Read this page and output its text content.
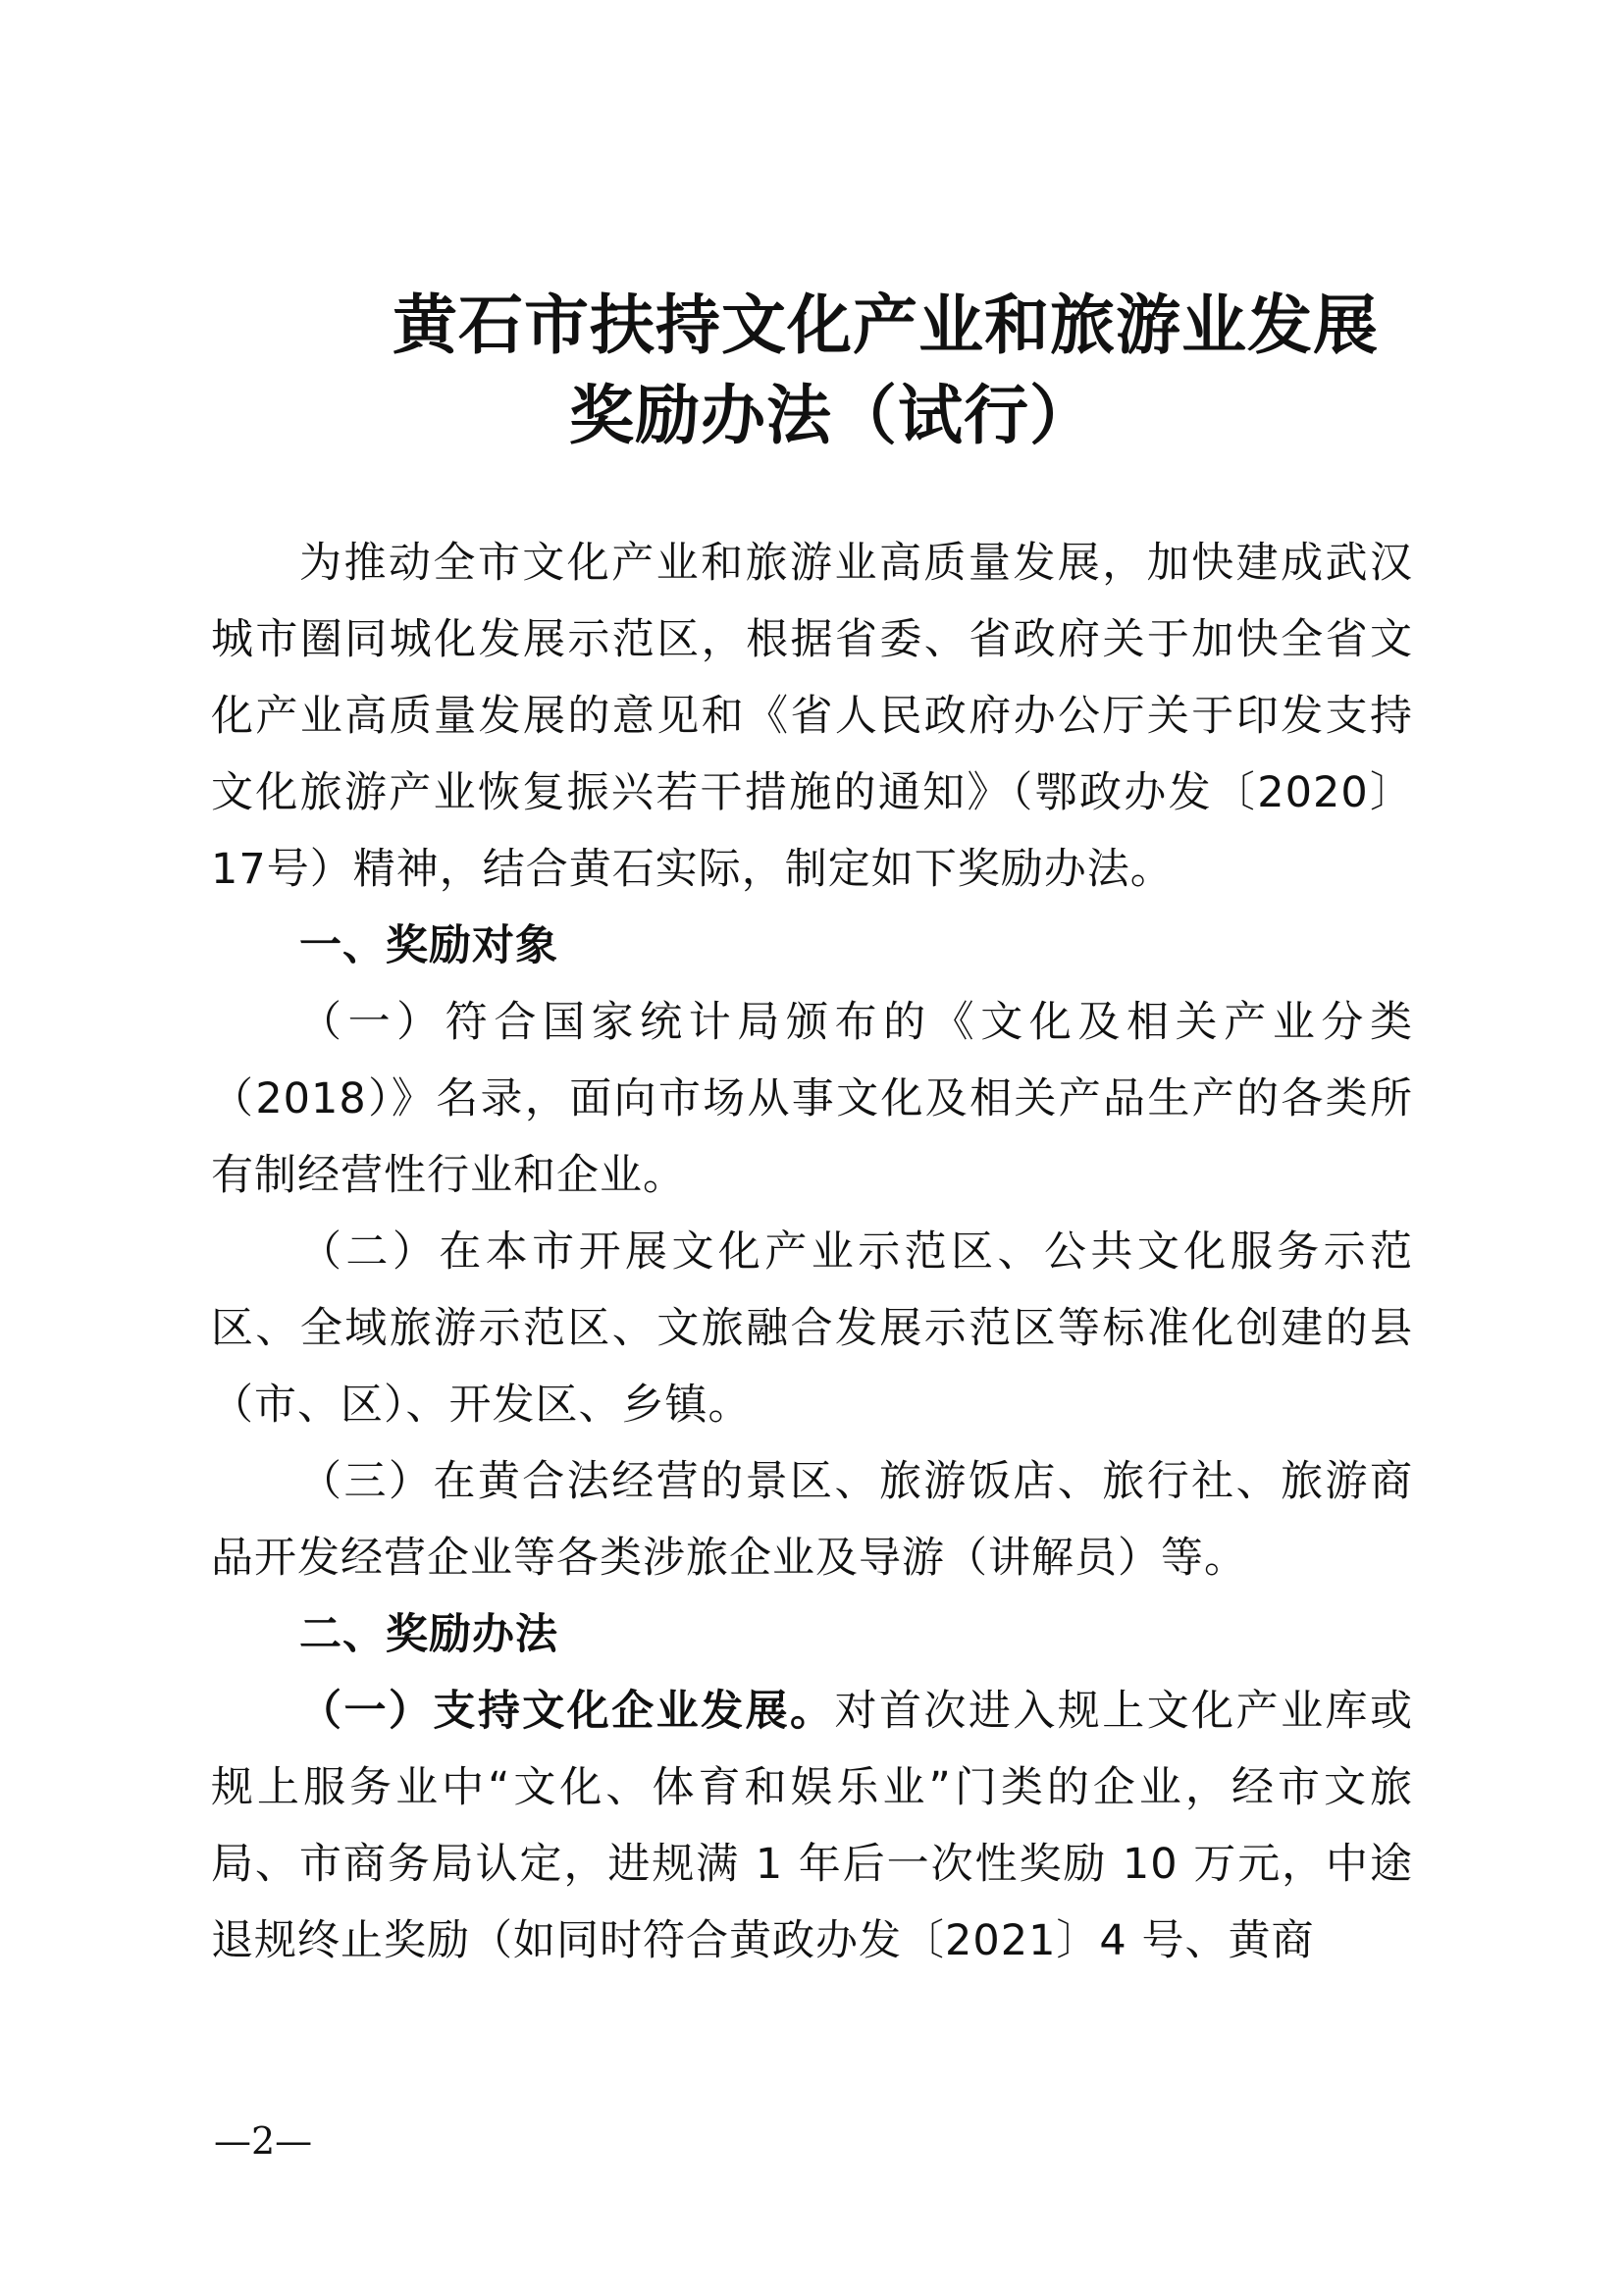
黄石市扶持文化产业和旅游业发展
奖励办法（试行）

为推动全市文化产业和旅游业高质量发展，加快建成武汉城市圈同城化发展示范区，根据省委、省政府关于加快全省文化产业高质量发展的意见和《省人民政府办公厅关于印发支持文化旅游产业恢复振兴若干措施的通知》（鄂政办发〔2020〕17号）精神，结合黄石实际，制定如下奖励办法。

一、奖励对象

（一）符合国家统计局颁布的《文化及相关产业分类（2018）》名录，面向市场从事文化及相关产品生产的各类所有制经营性行业和企业。

（二）在本市开展文化产业示范区、公共文化服务示范区、全域旅游示范区、文旅融合发展示范区等标准化创建的县（市、区）、开发区、乡镇。

（三）在黄合法经营的景区、旅游饭店、旅行社、旅游商品开发经营企业等各类涉旅企业及导游（讲解员）等。

二、奖励办法

（一）支持文化企业发展。对首次进入规上文化产业库或规上服务业中“文化、体育和娱乐业”门类的企业，经市文旅局、市商务局认定，进规满 1 年后一次性奖励 10 万元，中途退规终止奖励（如同时符合黄政办发〔2021〕4 号、黄商

—2—
